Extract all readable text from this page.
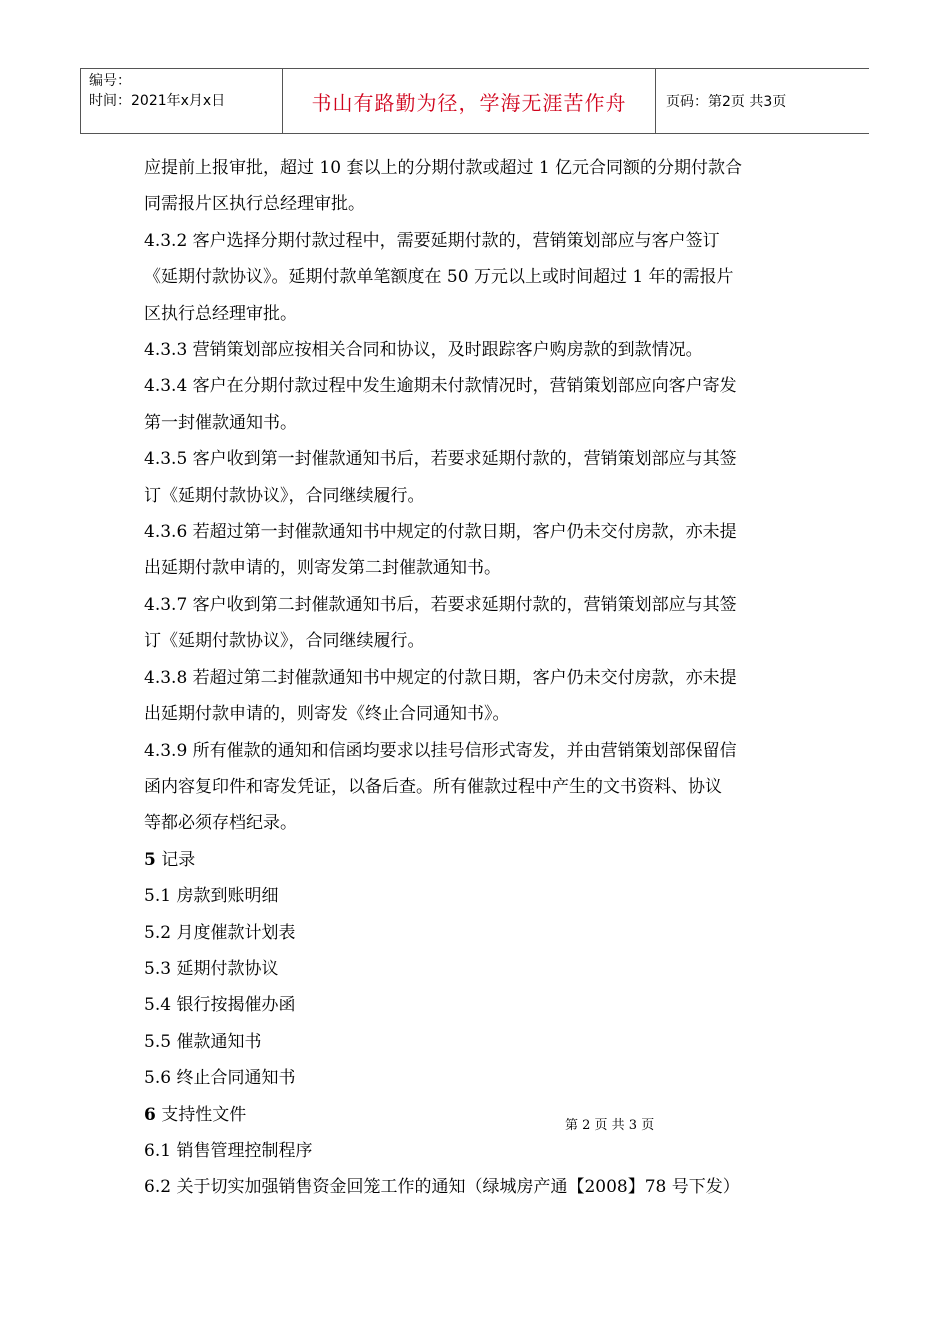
编号：
时间：2021年x月x日	书山有路勤为径，学海无涯苦作舟	页码：第2页 共3页

应提前上报审批，超过 10 套以上的分期付款或超过 1 亿元合同额的分期付款合

同需报片区执行总经理审批。

4.3.2 客户选择分期付款过程中，需要延期付款的，营销策划部应与客户签订

《延期付款协议》。延期付款单笔额度在 50 万元以上或时间超过 1 年的需报片

区执行总经理审批。

4.3.3 营销策划部应按相关合同和协议，及时跟踪客户购房款的到款情况。

4.3.4 客户在分期付款过程中发生逾期未付款情况时，营销策划部应向客户寄发

第一封催款通知书。

4.3.5 客户收到第一封催款通知书后，若要求延期付款的，营销策划部应与其签

订《延期付款协议》，合同继续履行。

4.3.6 若超过第一封催款通知书中规定的付款日期，客户仍未交付房款，亦未提

出延期付款申请的，则寄发第二封催款通知书。

4.3.7 客户收到第二封催款通知书后，若要求延期付款的，营销策划部应与其签

订《延期付款协议》，合同继续履行。

4.3.8 若超过第二封催款通知书中规定的付款日期，客户仍未交付房款，亦未提

出延期付款申请的，则寄发《终止合同通知书》。

4.3.9 所有催款的通知和信函均要求以挂号信形式寄发，并由营销策划部保留信

函内容复印件和寄发凭证，以备后查。所有催款过程中产生的文书资料、协议

等都必须存档纪录。

5 记录

5.1 房款到账明细

5.2 月度催款计划表

5.3 延期付款协议

5.4 银行按揭催办函

5.5 催款通知书

5.6 终止合同通知书

6 支持性文件

6.1 销售管理控制程序

6.2 关于切实加强销售资金回笼工作的通知（绿城房产通【2008】78 号下发）

第 2 页 共 3 页
